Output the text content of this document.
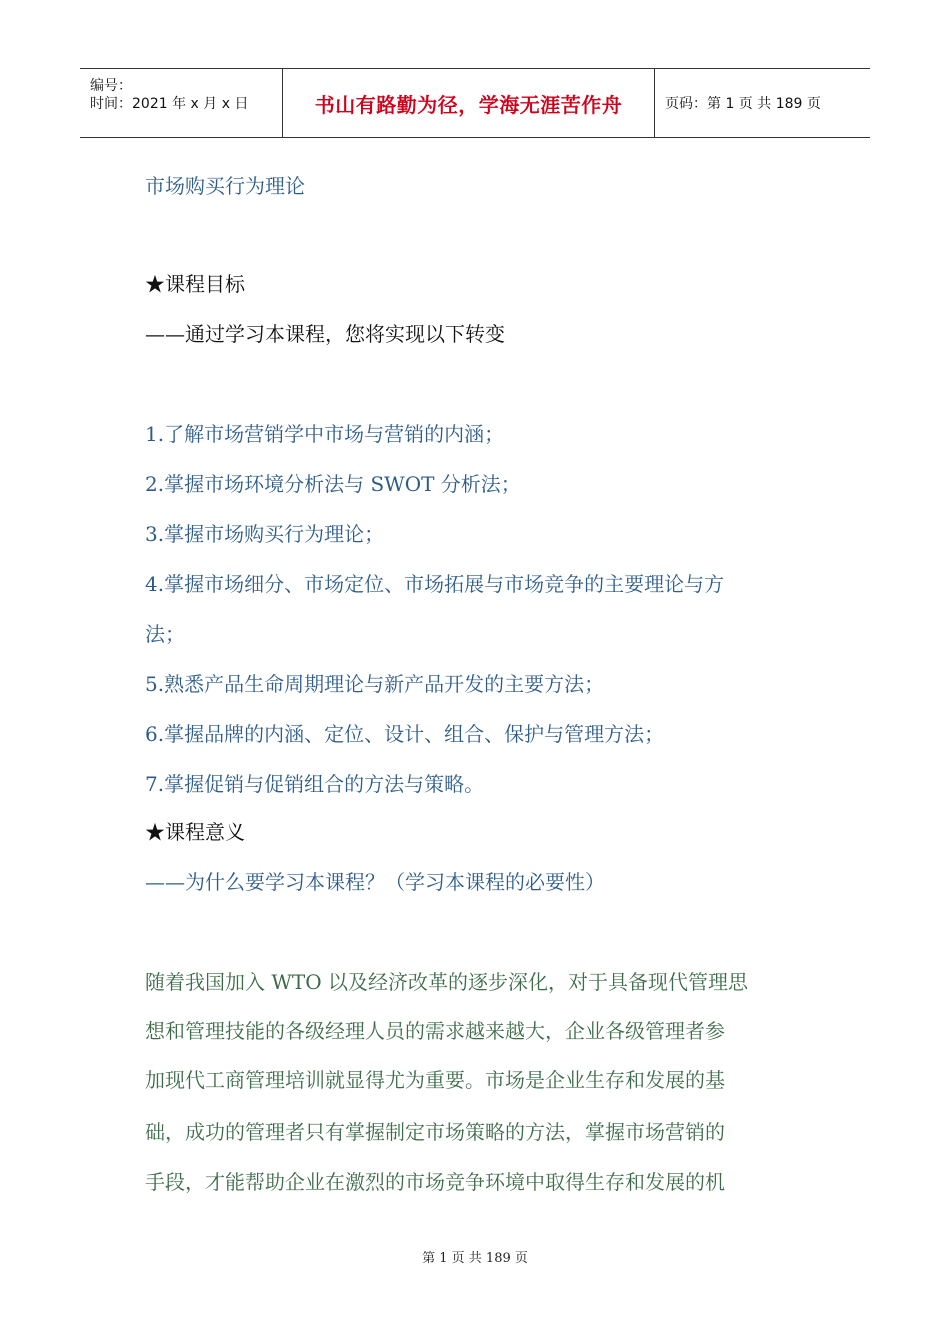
编号：
时间：2021 年 x 月 x 日	书山有路勤为径，学海无涯苦作舟	页码：第 1 页 共 189 页
市场购买行为理论
★课程目标
——通过学习本课程，您将实现以下转变
1.了解市场营销学中市场与营销的内涵；
2.掌握市场环境分析法与 SWOT 分析法；
3.掌握市场购买行为理论；
4.掌握市场细分、市场定位、市场拓展与市场竞争的主要理论与方
法；
5.熟悉产品生命周期理论与新产品开发的主要方法；
6.掌握品牌的内涵、定位、设计、组合、保护与管理方法；
7.掌握促销与促销组合的方法与策略。
★课程意义
——为什么要学习本课程？（学习本课程的必要性）
随着我国加入 WTO 以及经济改革的逐步深化，对于具备现代管理思
想和管理技能的各级经理人员的需求越来越大，企业各级管理者参
加现代工商管理培训就显得尤为重要。市场是企业生存和发展的基
础，成功的管理者只有掌握制定市场策略的方法，掌握市场营销的
手段，才能帮助企业在激烈的市场竞争环境中取得生存和发展的机
第 1 页 共 189 页
